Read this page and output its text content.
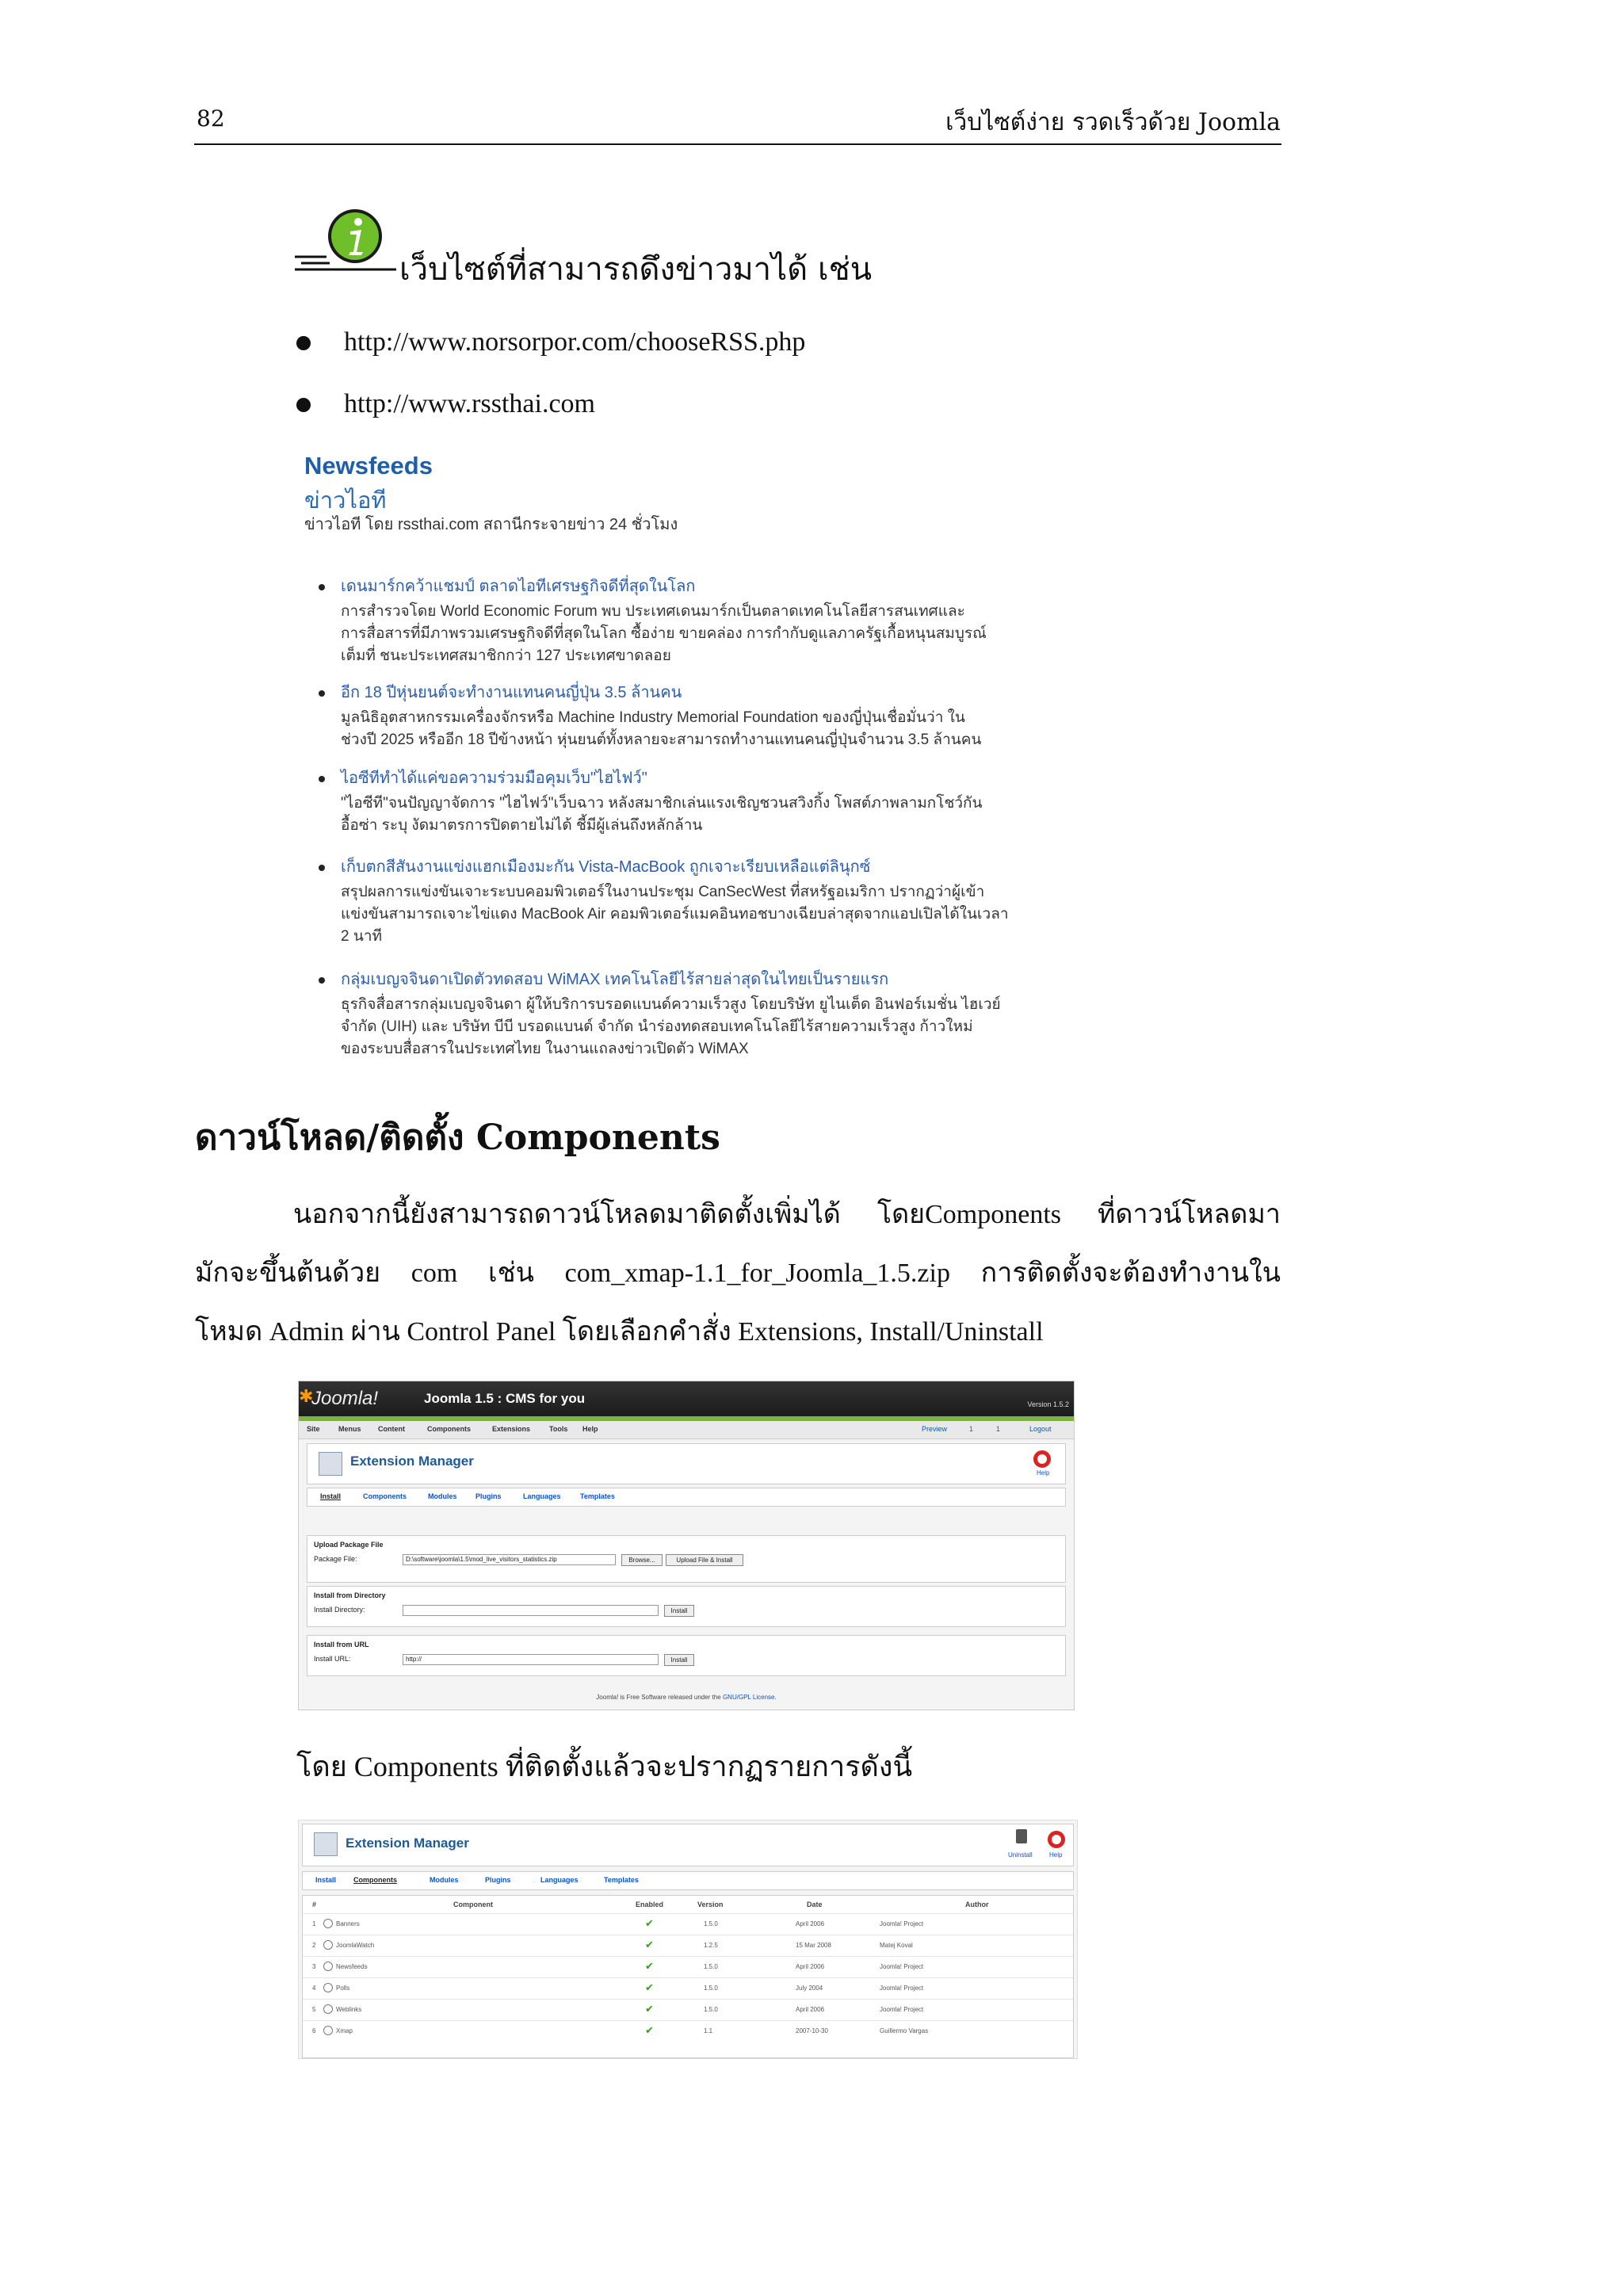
82	เว็บไซต์ง่าย รวดเร็วด้วย Joomla
เว็บไซต์ที่สามารถดึงข่าวมาได้ เช่น
http://www.norsorpor.com/chooseRSS.php
http://www.rssthai.com
Newsfeeds
ข่าวไอที
ข่าวไอที โดย rssthai.com สถานีกระจายข่าว 24 ชั่วโมง
เดนมาร์กคว้าแชมป์ ตลาดไอทีเศรษฐกิจดีที่สุดในโลก
การสำรวจโดย World Economic Forum พบ ประเทศเดนมาร์กเป็นตลาดเทคโนโลยีสารสนเทศและ
การสื่อสารที่มีภาพรวมเศรษฐกิจดีที่สุดในโลก ซื้อง่าย ขายคล่อง การกำกับดูแลภาครัฐเกื้อหนุนสมบูรณ์
เต็มที่ ชนะประเทศสมาชิกกว่า 127 ประเทศขาดลอย
อีก 18 ปีหุ่นยนต์จะทำงานแทนคนญี่ปุ่น 3.5 ล้านคน
มูลนิธิอุตสาหกรรมเครื่องจักรหรือ Machine Industry Memorial Foundation ของญี่ปุ่นเชื่อมั่นว่า ใน
ช่วงปี 2025 หรืออีก 18 ปีข้างหน้า หุ่นยนต์ทั้งหลายจะสามารถทำงานแทนคนญี่ปุ่นจำนวน 3.5 ล้านคน
ไอซีทีทำได้แค่ขอความร่วมมือคุมเว็บ"ไฮไฟว์"
"ไอซีที"จนปัญญาจัดการ "ไฮไฟว์"เว็บฉาว หลังสมาชิกเล่นแรงเชิญชวนสวิงกิ้ง โพสต์ภาพลามกโชว์กัน
อื้อซ่า ระบุ งัดมาตรการปิดตายไม่ได้ ชี้มีผู้เล่นถึงหลักล้าน
เก็บตกสีสันงานแข่งแฮกเมืองมะกัน Vista-MacBook ถูกเจาะเรียบเหลือแต่ลินุกซ์
สรุปผลการแข่งขันเจาะระบบคอมพิวเตอร์ในงานประชุม CanSecWest ที่สหรัฐอเมริกา ปรากฏว่าผู้เข้า
แข่งขันสามารถเจาะไข่แดง MacBook Air คอมพิวเตอร์แมคอินทอชบางเฉียบล่าสุดจากแอปเปิลได้ในเวลา
2 นาที
กลุ่มเบญจจินดาเปิดตัวทดสอบ WiMAX เทคโนโลยีไร้สายล่าสุดในไทยเป็นรายแรก
ธุรกิจสื่อสารกลุ่มเบญจจินดา ผู้ให้บริการบรอดแบนด์ความเร็วสูง โดยบริษัท ยูไนเต็ด อินฟอร์เมชั่น ไฮเวย์
จำกัด (UIH) และ บริษัท บีบี บรอดแบนด์ จำกัด นำร่องทดสอบเทคโนโลยีไร้สายความเร็วสูง ก้าวใหม่
ของระบบสื่อสารในประเทศไทย ในงานแถลงข่าวเปิดตัว WiMAX
ดาวน์โหลด/ติดตั้ง Components
นอกจากนี้ยังสามารถดาวน์โหลดมาติดตั้งเพิ่มได้ โดยComponents ที่ดาวน์โหลดมา
มักจะขึ้นต้นด้วย com เช่น com_xmap-1.1_for_Joomla_1.5.zip การติดตั้งจะต้องทำงานใน
โหมด Admin ผ่าน Control Panel โดยเลือกคำสั่ง Extensions, Install/Uninstall
✱
Joomla!	Joomla 1.5 : CMS for you	Version 1.5.2
Site	Menus Content	Components	Extensions	Tools Help	Preview	1	1	Logout
Extension Manager
Help
Install	Components	Modules	Plugins	Languages	Templates
Upload Package File
Package File:	D:\software\joomla\1.5\mod_live_visitors_statistics.zip	Browse...	Upload File & Install
Install from Directory
Install Directory:	Install
Install from URL
Install URL:	http://	Install
Joomla! is Free Software released under the GNU/GPL License.
โดย Components ที่ติดตั้งแล้วจะปรากฏรายการดังนี้
Extension Manager
Uninstall	Help
Install Components	Modules	Plugins	Languages	Templates
#	Component	Enabled	Version	Date	Author
1	Banners	✔	1.5.0	April 2006	Joomla! Project
2	JoomlaWatch	✔	1.2.5	15 Mar 2008	Matej Koval
3	Newsfeeds	✔	1.5.0	April 2006	Joomla! Project
4	Polls	✔	1.5.0	July 2004	Joomla! Project
5	Weblinks	✔	1.5.0	April 2006	Joomla! Project
6	Xmap	✔	1.1	2007-10-30	Guillermo Vargas
